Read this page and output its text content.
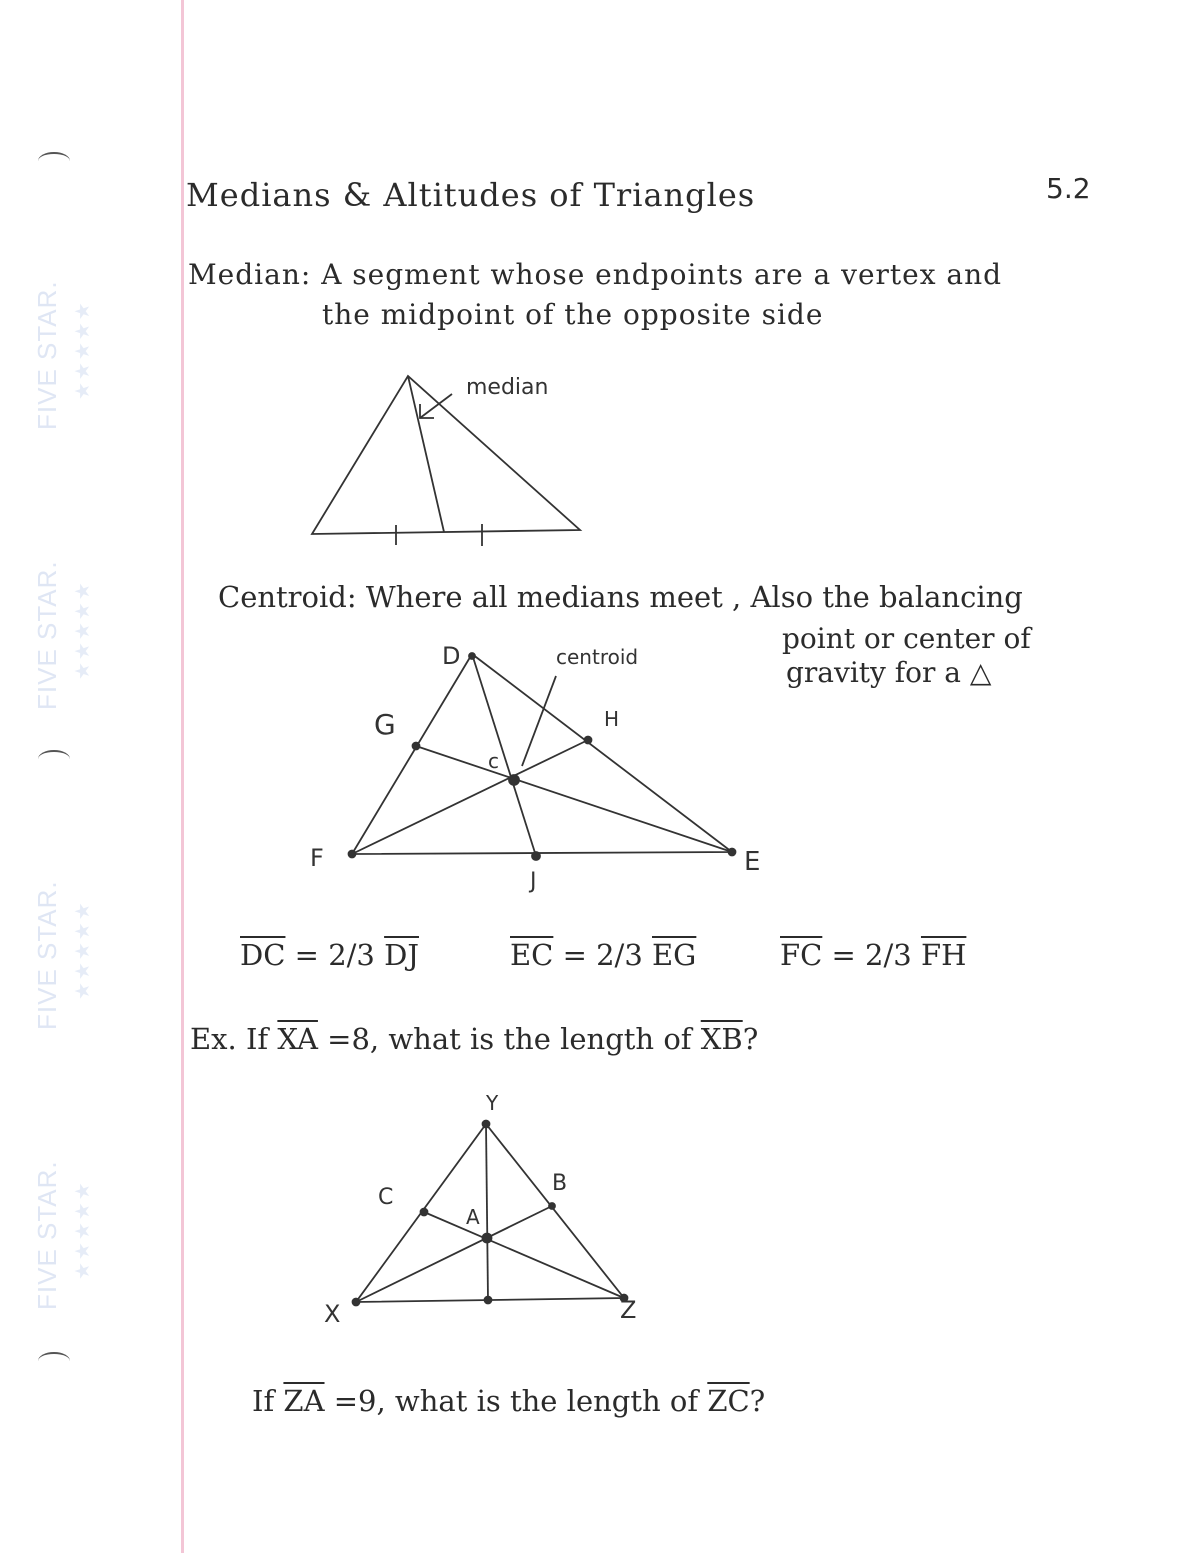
FIVE STAR. ★★★★★
FIVE STAR. ★★★★★
FIVE STAR. ★★★★★
FIVE STAR. ★★★★★
Medians & Altitudes of Triangles	5.2
Median: A segment whose endpoints are a vertex and
the midpoint of the opposite side
Centroid: Where all medians meet , Also the balancing
point or center of
gravity for a △
$\overline{DC} = 2/3$ $\overline{DJ}$	$\overline{EC} = 2/3$ $\overline{EG}$	$\overline{FC} = 2/3$ $\overline{FH}$
Ex. If $\overline{XA} =8$, what is the length of $\overline{XB}$?
If $\overline{ZA} =9$, what is the length of $\overline{ZC}$?
median
D
G	H
c
F
J
E
centroid
Y
C
B
A
X	Z
